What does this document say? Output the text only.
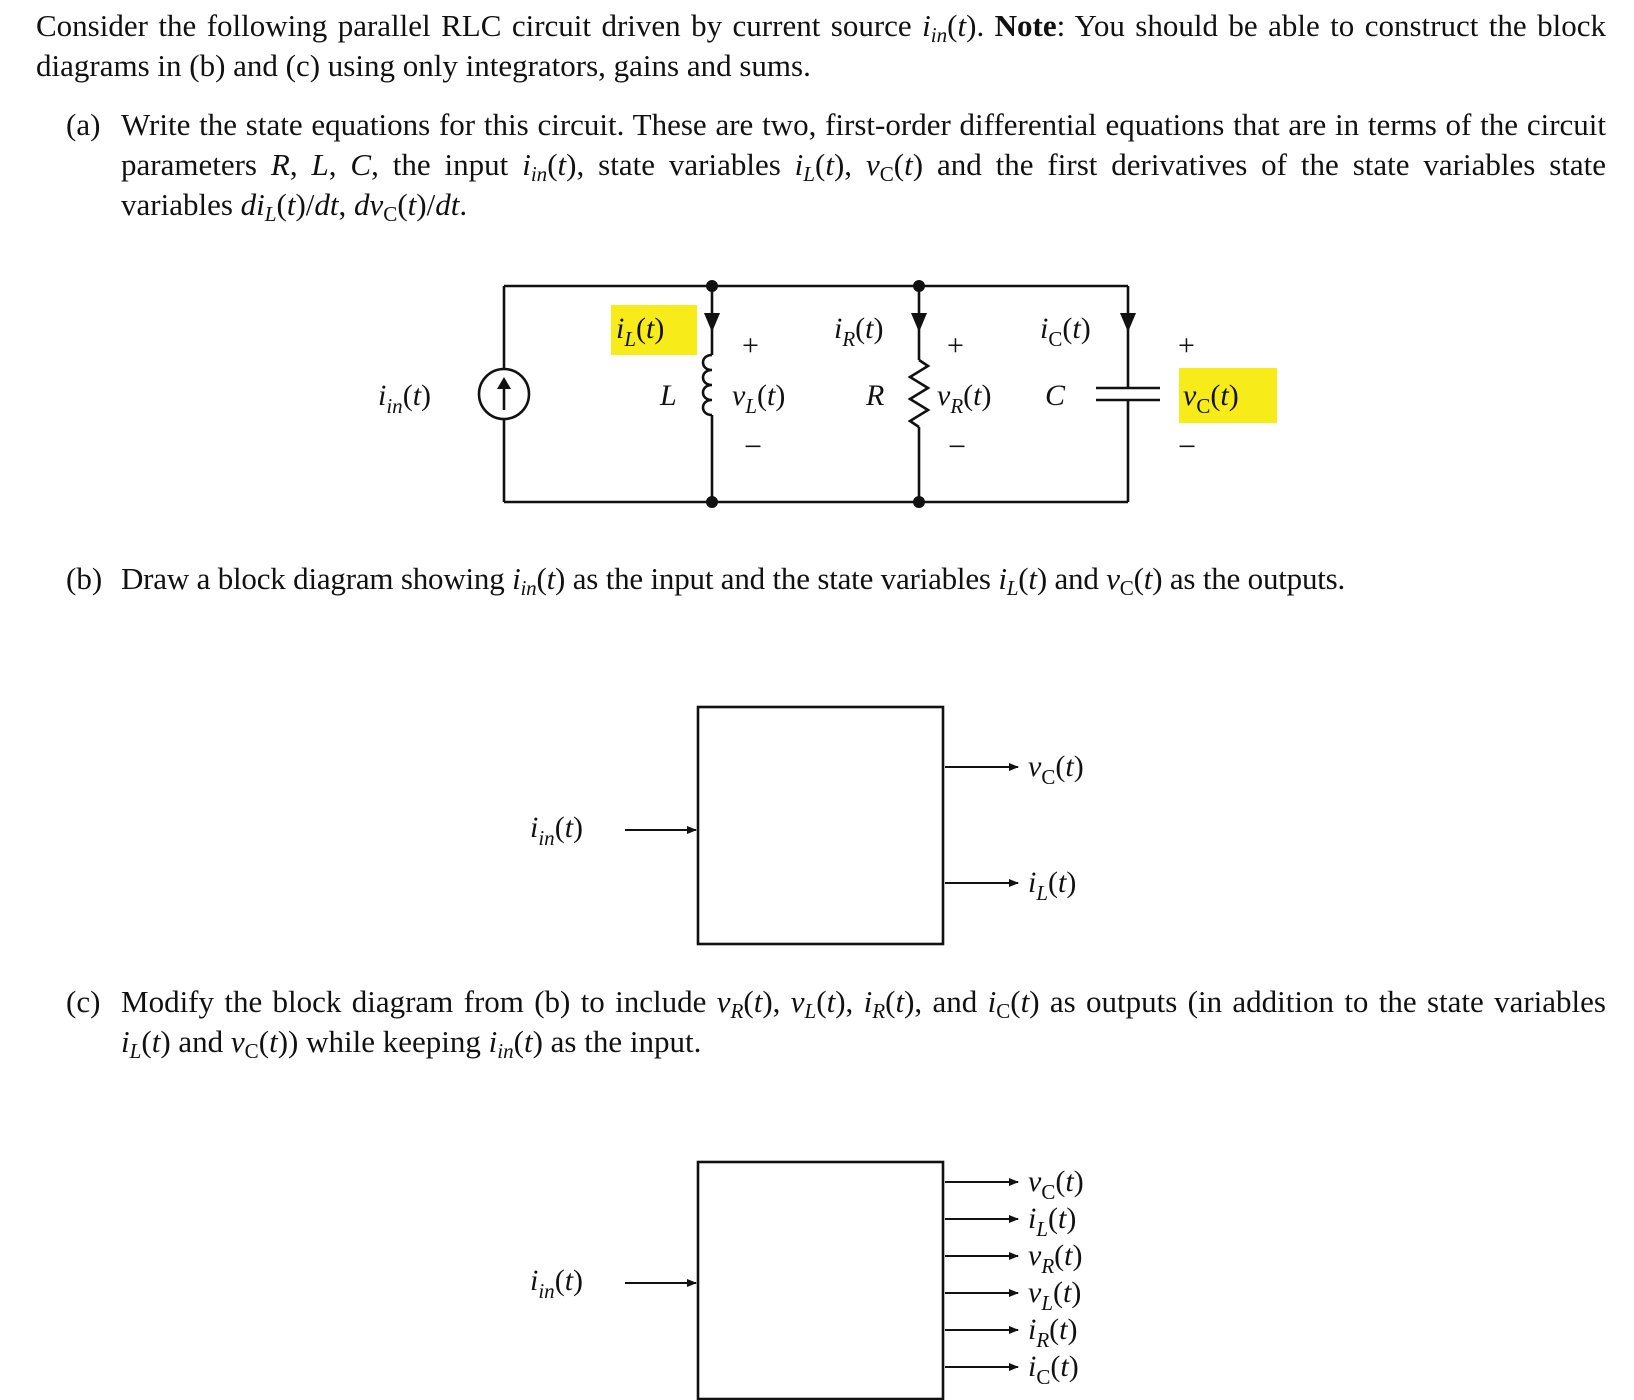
Consider the following parallel RLC circuit driven by current source $i_{in}(t)$. Note: You should be able to construct the block diagrams in (b) and (c) using only integrators, gains and sums.
(a) Write the state equations for this circuit. These are two, first-order differential equations that are in terms of the circuit parameters R, L, C, the input $i_{in}(t)$, state variables $i_L(t)$, $v_C(t)$ and the first derivatives of the state variables state variables $di_L(t)/dt$, $dv_C(t)/dt$.
(b) Draw a block diagram showing $i_{in}(t)$ as the input and the state variables $i_L(t)$ and $v_C(t)$ as the outputs.
(c) Modify the block diagram from (b) to include $v_R(t)$, $v_L(t)$, $i_R(t)$, and $i_C(t)$ as outputs (in addition to the state variables $i_L(t)$ and $v_C(t)$) while keeping $i_{in}(t)$ as the input.
$i_{in}(t)$
$i_L(t)$
+
L $v_L(t)$
−
$i_R(t)$
+
R $v_R(t)$
−
$i_C(t)$
+
C	$v_C(t)$
−
$i_{in}(t)$
$v_C(t)$
$i_L(t)$
$i_{in}(t)$
$v_C(t)$
$i_L(t)$
$v_R(t)$
$v_L(t)$
$i_R(t)$
$i_C(t)$
